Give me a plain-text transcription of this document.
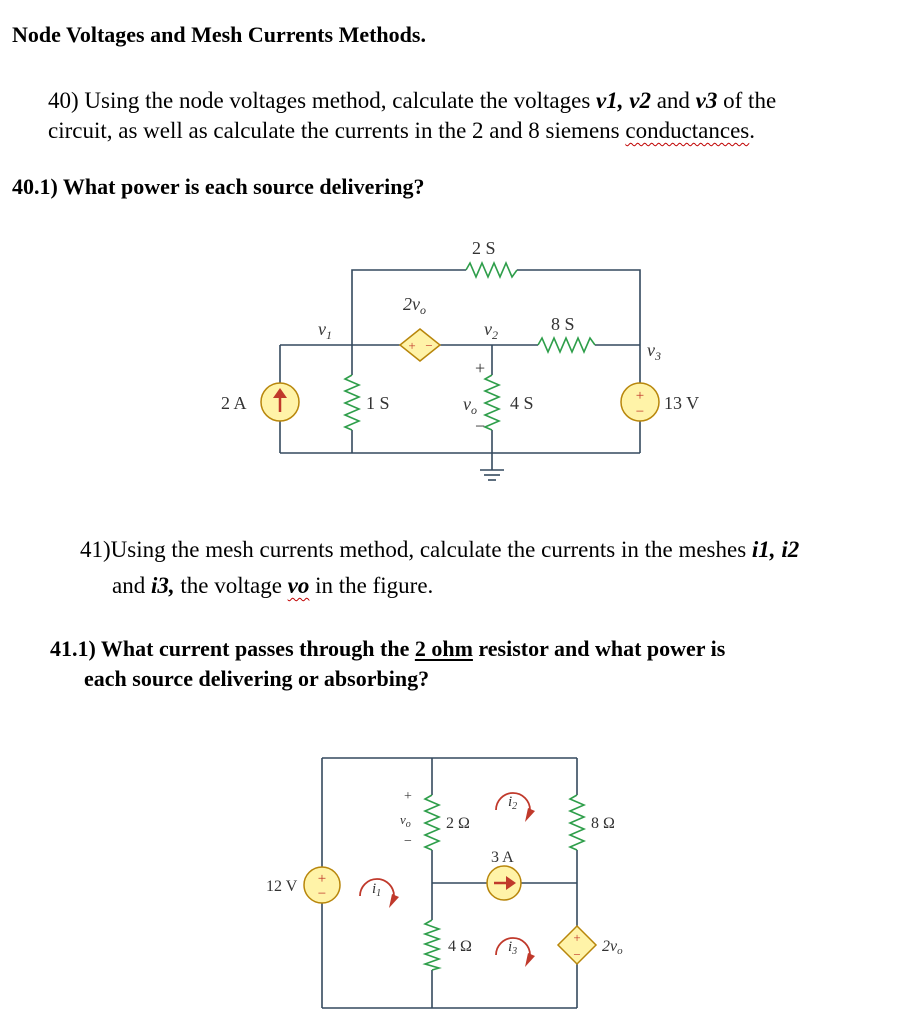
Node Voltages and Mesh Currents Methods.
40) Using the node voltages method, calculate the voltages v1, v2 and v3 of the
circuit, as well as calculate the currents in the 2 and 8 siemens conductances.
40.1) What power is each source delivering?
+ −
+
−
2 S
$2v_o$
$v_1$	$v_2$
8 S
$v_3$
2 A	1 S
+
$v_o$
−
4 S	13 V
41)Using the mesh currents method, calculate the currents in the meshes i1, i2
and i3, the voltage vo in the figure.
41.1) What current passes through the 2 ohm resistor and what power is
each source delivering or absorbing?
+
−
+
−
+
$v_o$
−
2 Ω
$i_2$
8 Ω
3 A
12 V	$i_1$
4 Ω $i_3$	2vo
